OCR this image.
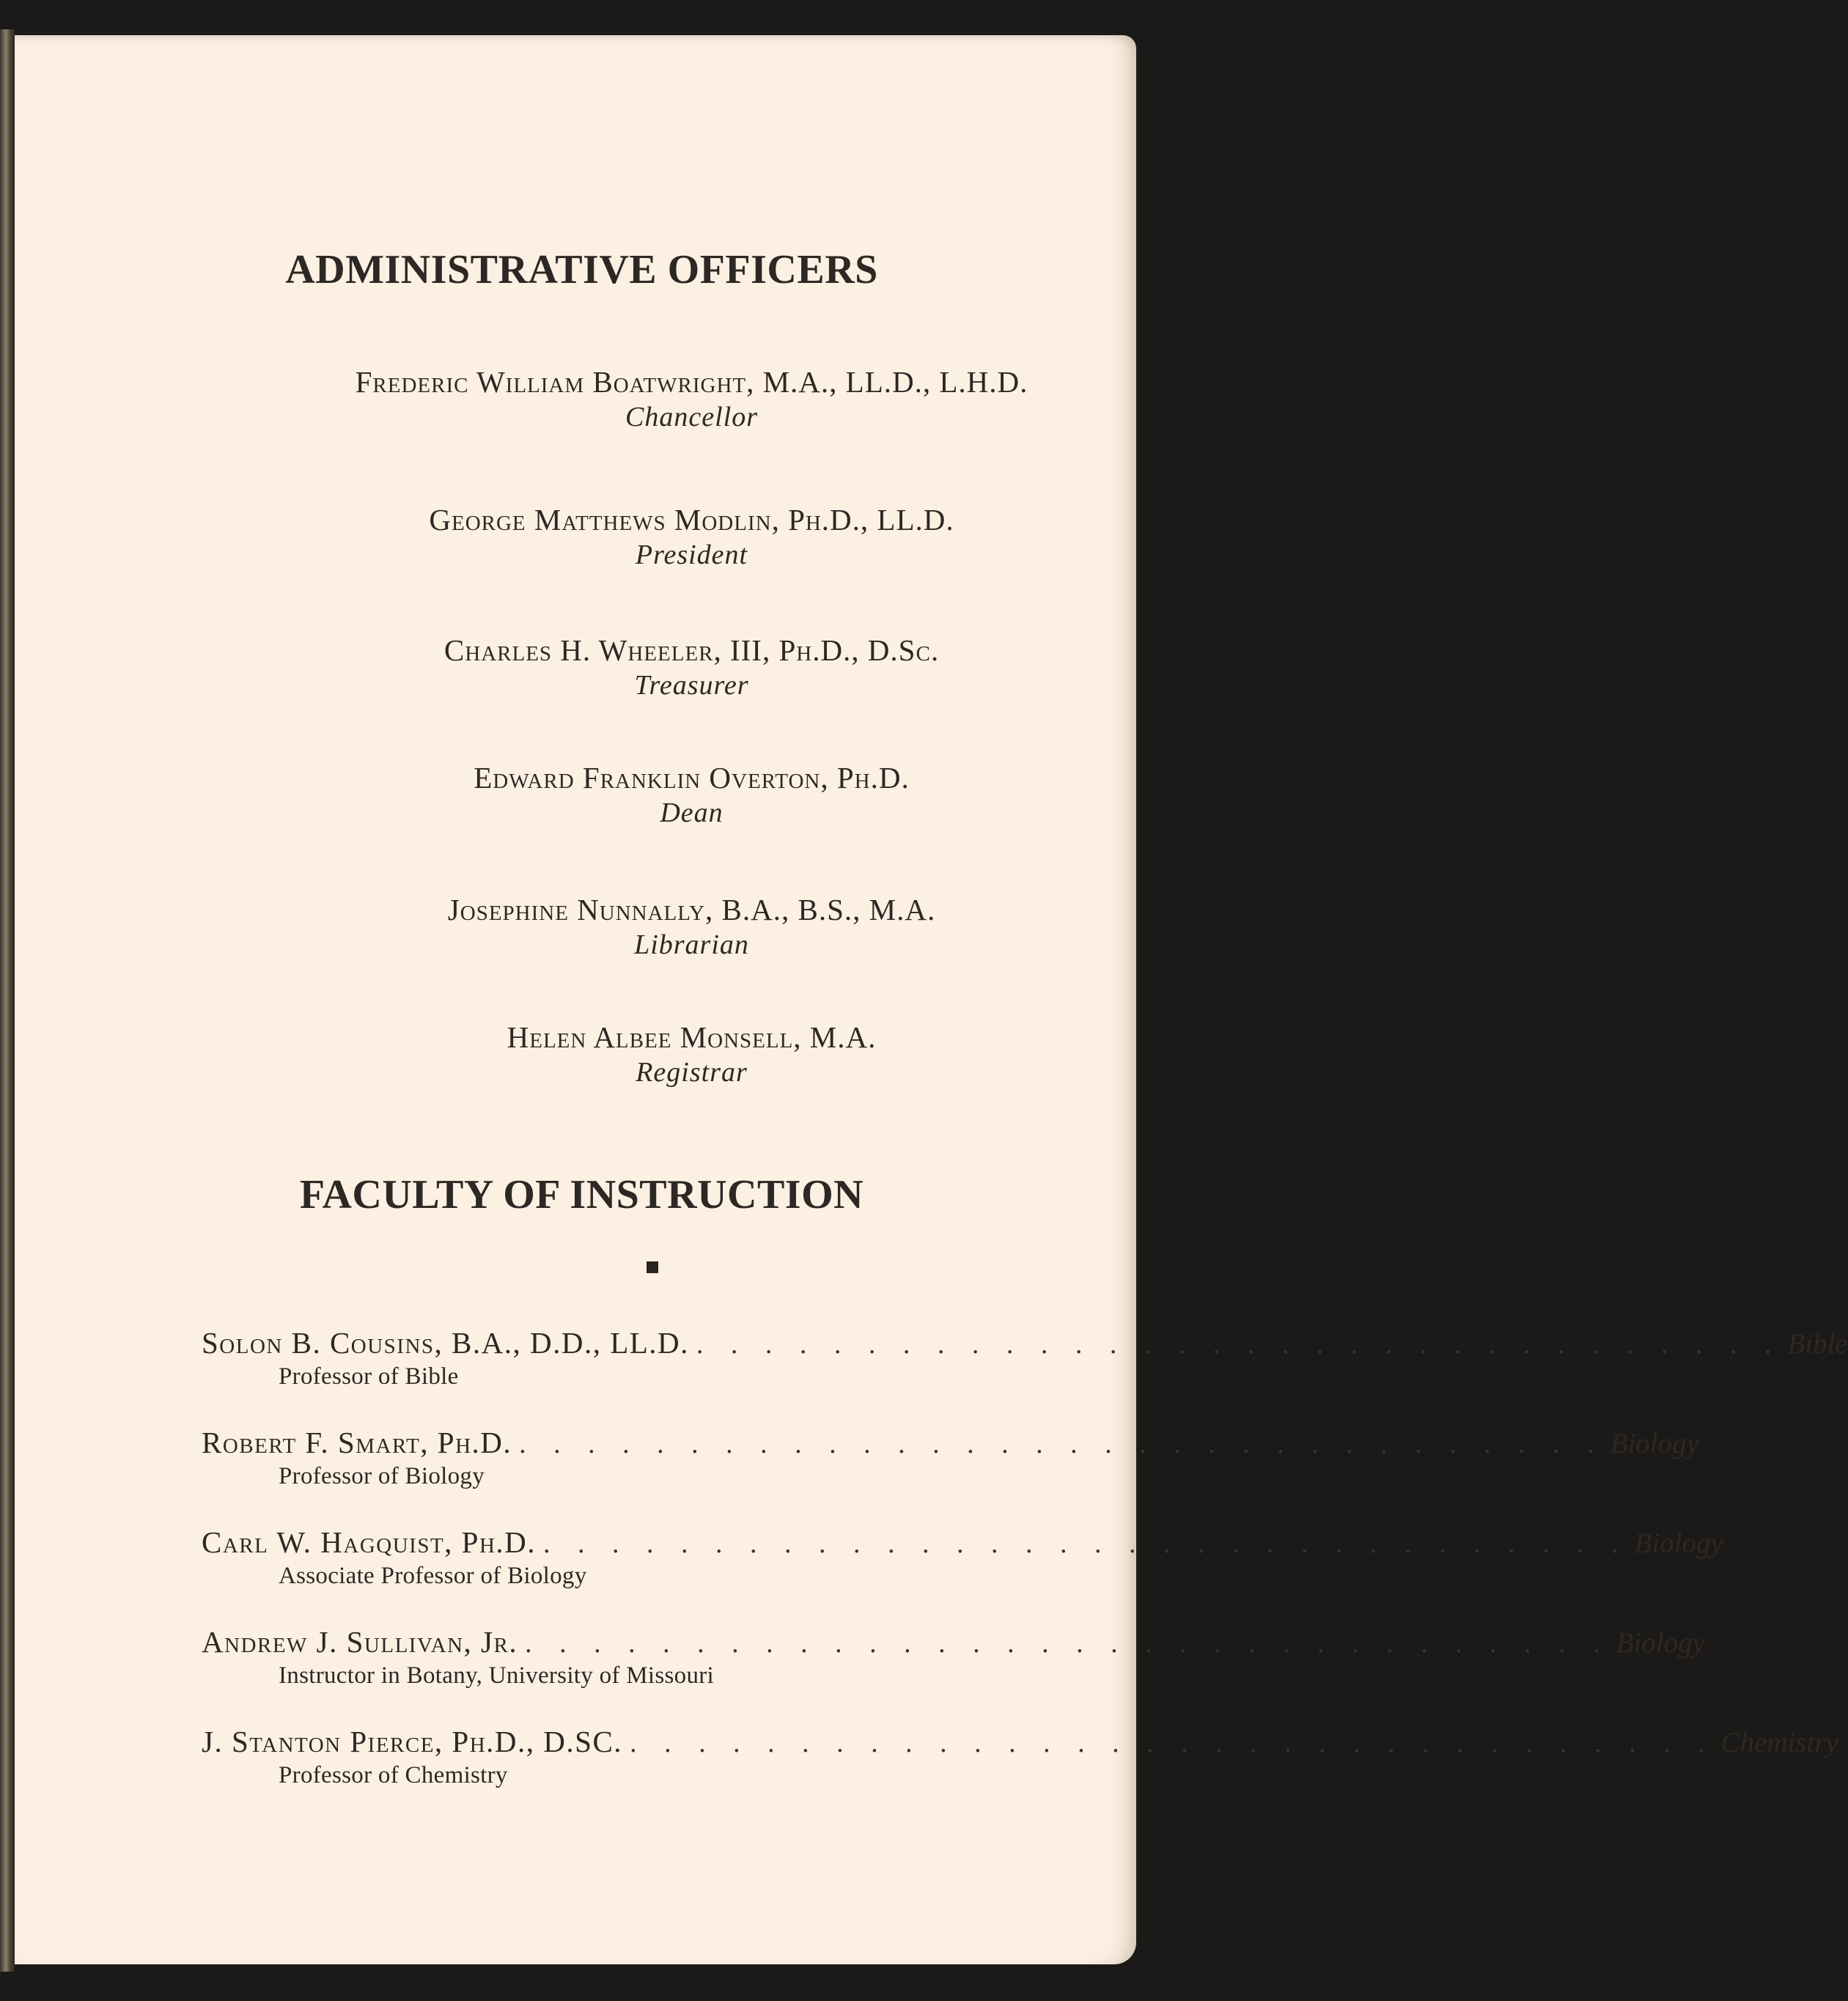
ADMINISTRATIVE OFFICERS
Frederic William Boatwright, M.A., LL.D., L.H.D.
Chancellor
George Matthews Modlin, Ph.D., LL.D.
President
Charles H. Wheeler, III, Ph.D., D.Sc.
Treasurer
Edward Franklin Overton, Ph.D.
Dean
Josephine Nunnally, B.A., B.S., M.A.
Librarian
Helen Albee Monsell, M.A.
Registrar
FACULTY OF INSTRUCTION
Solon B. Cousins, B.A., D.D., LL.D. . . . . . . . . . . . . . . . . . . . . . . . . . . . . . . . . Bible
Professor of Bible
Robert F. Smart, Ph.D. . . . . . . . . . . . . . . . . . . . . . . . . . . . . . . . . Biology
Professor of Biology
Carl W. Hagquist, Ph.D. . . . . . . . . . . . . . . . . . . . . . . . . . . . . . . . . Biology
Associate Professor of Biology
Andrew J. Sullivan, Jr. . . . . . . . . . . . . . . . . . . . . . . . . . . . . . . . . Biology
Instructor in Botany, University of Missouri
J. Stanton Pierce, Ph.D., D.SC. . . . . . . . . . . . . . . . . . . . . . . . . . . . . . . . . Chemistry
Professor of Chemistry
